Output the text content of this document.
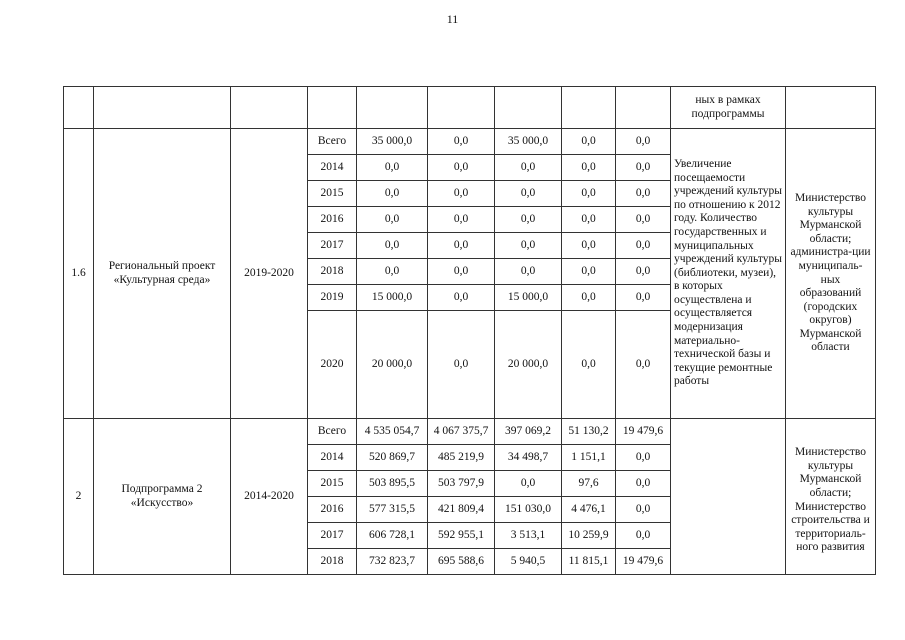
11
									ных в рамках подпрограммы	
1.6	Региональный проект «Культурная среда»	2019-2020	Всего	35 000,0	0,0	35 000,0	0,0	0,0	Увеличение посещаемости учреждений культуры по отношению к 2012 году. Количество государственных и муниципальных учреждений культуры (библиотеки, музеи), в которых осуществлена и осуществляется модернизация материально-технической базы и текущие ремонтные работы	Министерство культуры Мурманской области; администра-ции муниципаль-ных образований (городских округов) Мурманской области
			2014	0,0	0,0	0,0	0,0	0,0		
			2015	0,0	0,0	0,0	0,0	0,0		
			2016	0,0	0,0	0,0	0,0	0,0		
			2017	0,0	0,0	0,0	0,0	0,0		
			2018	0,0	0,0	0,0	0,0	0,0		
			2019	15 000,0	0,0	15 000,0	0,0	0,0		
			2020	20 000,0	0,0	20 000,0	0,0	0,0		
2	Подпрограмма 2 «Искусство»	2014-2020	Всего	4 535 054,7	4 067 375,7	397 069,2	51 130,2	19 479,6		Министерство культуры Мурманской области; Министерство строительства и территориаль-ного развития
			2014	520 869,7	485 219,9	34 498,7	1 151,1	0,0		
			2015	503 895,5	503 797,9	0,0	97,6	0,0		
			2016	577 315,5	421 809,4	151 030,0	4 476,1	0,0		
			2017	606 728,1	592 955,1	3 513,1	10 259,9	0,0		
			2018	732 823,7	695 588,6	5 940,5	11 815,1	19 479,6		
